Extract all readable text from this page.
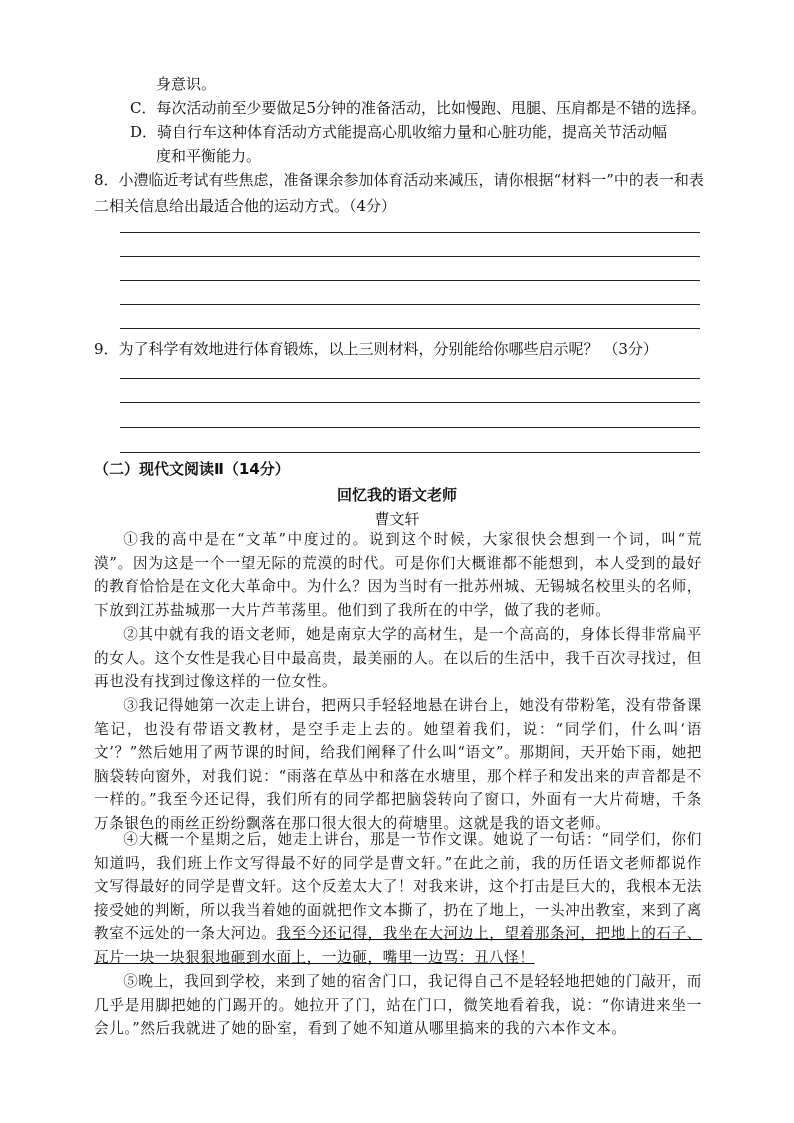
身意识。
C．每次活动前至少要做足5分钟的准备活动，比如慢跑、甩腿、压肩都是不错的选择。
D．骑自行车这种体育活动方式能提高心肌收缩力量和心脏功能，提高关节活动幅
度和平衡能力。
8．小澧临近考试有些焦虑，准备课余参加体育活动来减压，请你根据“材料一”中的表一和表二相关信息给出最适合他的运动方式。（4分）
9．为了科学有效地进行体育锻炼，以上三则材料，分别能给你哪些启示呢？ （3分）
（二）现代文阅读Ⅱ（14分）
回忆我的语文老师
曹文轩
①我的高中是在“文革”中度过的。说到这个时候，大家很快会想到一个词，叫“荒漠”。因为这是一个一望无际的荒漠的时代。可是你们大概谁都不能想到，本人受到的最好的教育恰恰是在文化大革命中。为什么？因为当时有一批苏州城、无锡城名校里头的名师，下放到江苏盐城那一大片芦苇荡里。他们到了我所在的中学，做了我的老师。
②其中就有我的语文老师，她是南京大学的高材生，是一个高高的，身体长得非常扁平的女人。这个女性是我心目中最高贵，最美丽的人。在以后的生活中，我千百次寻找过，但再也没有找到过像这样的一位女性。
③我记得她第一次走上讲台，把两只手轻轻地悬在讲台上，她没有带粉笔，没有带备课笔记，也没有带语文教材，是空手走上去的。她望着我们，说：“同学们，什么叫‘语文’？”然后她用了两节课的时间，给我们阐释了什么叫“语文”。那期间，天开始下雨，她把脑袋转向窗外，对我们说：“雨落在草丛中和落在水塘里，那个样子和发出来的声音都是不一样的。”我至今还记得，我们所有的同学都把脑袋转向了窗口，外面有一大片荷塘，千条万条银色的雨丝正纷纷飘落在那口很大很大的荷塘里。这就是我的语文老师。
④大概一个星期之后，她走上讲台，那是一节作文课。她说了一句话：“同学们，你们知道吗，我们班上作文写得最不好的同学是曹文轩。”在此之前，我的历任语文老师都说作文写得最好的同学是曹文轩。这个反差太大了！对我来讲，这个打击是巨大的，我根本无法接受她的判断，所以我当着她的面就把作文本撕了，扔在了地上，一头冲出教室，来到了离教室不远处的一条大河边。我至今还记得，我坐在大河边上，望着那条河，把地上的石子、瓦片一块一块狠狠地砸到水面上，一边砸，嘴里一边骂：丑八怪！
⑤晚上，我回到学校，来到了她的宿舍门口，我记得自己不是轻轻地把她的门敲开，而几乎是用脚把她的门踢开的。她拉开了门，站在门口，微笑地看着我，说：“你请进来坐一会儿。”然后我就进了她的卧室，看到了她不知道从哪里搞来的我的六本作文本。
